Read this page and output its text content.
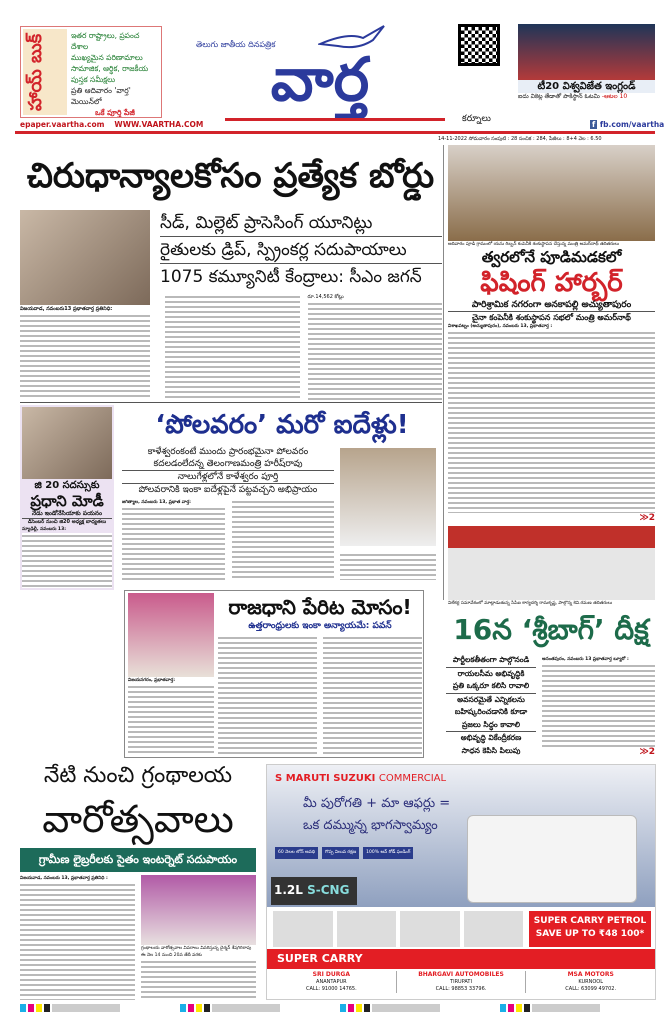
హాయ్ బుక్	ఇతర రాష్ట్రాలు, ప్రపంచ దేశాల
ముఖ్యమైన పరిణామాలు
సామాజిక, ఆర్థిక, రాజకీయ
పుస్తక సమీక్షలు
ప్రతి ఆదివారం 'వార్త' మెయిన్‌లో
ఒకే పూర్తి పేజీ
తెలుగు జాతీయ దినపత్రిక
వార్త	టీ20 విశ్వవిజేత ఇంగ్లండ్
ఐదు వికెట్ల తేడాతో పాకిస్థాన్ ఓటమి -ఆటల 10
epaper.vaartha.com WWW.VAARTHA.COM
కర్నూలు
f fb.com/vaartha
14-11-2022 సోమవారం సంపుటి : 28 సంచిక : 284, పేజీలు : 8+4 వెల : 6.50
చిరుధాన్యాలకోసం ప్రత్యేక బోర్డు
విజయవాడ, నవంబరు13 ప్రభాతవార్త ప్రతినిధి:
సీడ్, మిల్లెట్ ప్రాసెసింగ్ యూనిట్లు
రైతులకు డ్రిప్, స్ప్రింకర్ల సదుపాయాలు
1075 కమ్యూనిటీ కేంద్రాలు: సీఎం జగన్
రూ.14,562 కోట్లు
ఆదివారం పూడి గ్రామంలో యను రిబ్బన్ కంపెనీకి శంకుస్థాపన చేస్తున్న మంత్రి అమర్‌నాథ్ తదితరులు
త్వరలోనే పూడిమడకలో
ఫిషింగ్ హార్బర్
పారిశ్రామిక నగరంగా అనకాపల్లి అచ్యుతాపురం
చైనా కంపెనీకి శంకుస్థాపన సభలో మంత్రి అమర్‌నాథ్
విశాఖపట్నం (అచ్యుతాపురం), నవంబరు 13, ప్రభాతవార్త :
≫2
విలేకర్ల సమావేశంలో మాట్లాడుతున్న సిపిఐ కార్యదర్శి రామకృష్ణ, పాల్గొన్న కెవి.రమణ తదితరులు
జి 20 సదస్సుకు
ప్రధాని మోడీ
నేడు ఇండోనేసియాకు పయనం
డిసెంబర్ నుంచి జి20 అధ్యక్ష బాధ్యతలు
న్యూఢిల్లీ, నవంబరు 13:
‘పోలవరం’ మరో ఐదేళ్లు!
కాళేశ్వరంకంటే ముందు ప్రారంభమైనా పోలవరం
కదలడంలేదన్న తెలంగాణమంత్రి హరీష్‌రావు
నాలుగేళ్లలోనే కాళేశ్వరం పూర్తి
పోలవరానికి ఇంకా ఐదేళ్లపైనే పట్టవచ్చని అభిప్రాయం
జగిత్యాల, నవంబరు 13, ప్రభాత వార్త:
విజయనగరం, ప్రభాతవార్త:
రాజధాని పేరిట మోసం!
ఉత్తరాంధ్రులకు ఇంకా అన్యాయమే: పవన్	16న ‘శ్రీబాగ్’ దీక్ష
పార్టీలకతీతంగా పాల్గొనండి
రాయలసీమ అభివృద్ధికి
ప్రతి ఒక్కరూ కలిసి రావాలి
అవసరమైతే ఎన్నికలను
బహిష్కరించడానికి కూడా
ప్రజలు సిద్ధం కావాలి
అభివృద్ధి వికేంద్రీకరణ
సాధన కెపిసి పిలుపు
అనంతపురం, నవంబరు 13 ప్రభాతవార్త బ్యూరో :
≫2
నేటి నుంచి గ్రంథాలయ
వారోత్సవాలు
గ్రామీణ లైబ్రరీలకు సైతం ఇంటర్నెట్ సదుపాయం
విజయవాడ, నవంబరు 13, ప్రభాతవార్త ప్రతినిధి :
గ్రంథాలయ వారోత్సవాల వివరాలు వివరిస్తున్న చైర్మన్ శేషగిరిరావు
ఈ నెల 14 నుంచి 20వ తేదీ వరకు
S MARUTI SUZUKI COMMERCIAL
మీ పురోగతి + మా ఆఫర్లు =
ఒక దమ్మున్న భాగస్వామ్యం
60 నెలల లోన్ అవధి	గొప్ప విలువ రక్షణ	100% ఆన్ రోడ్ ఫండింగ్
1.2L S-CNG
SUPER CARRY PETROL
SAVE UP TO ₹48 100*
SUPER CARRY
SRI DURGA
ANANTAPUR
CALL: 91000 14765.
BHARGAVI AUTOMOBILES
TIRUPATI
CALL: 98853 33796.
MSA MOTORS
KURNOOL
CALL: 63099 49702.
